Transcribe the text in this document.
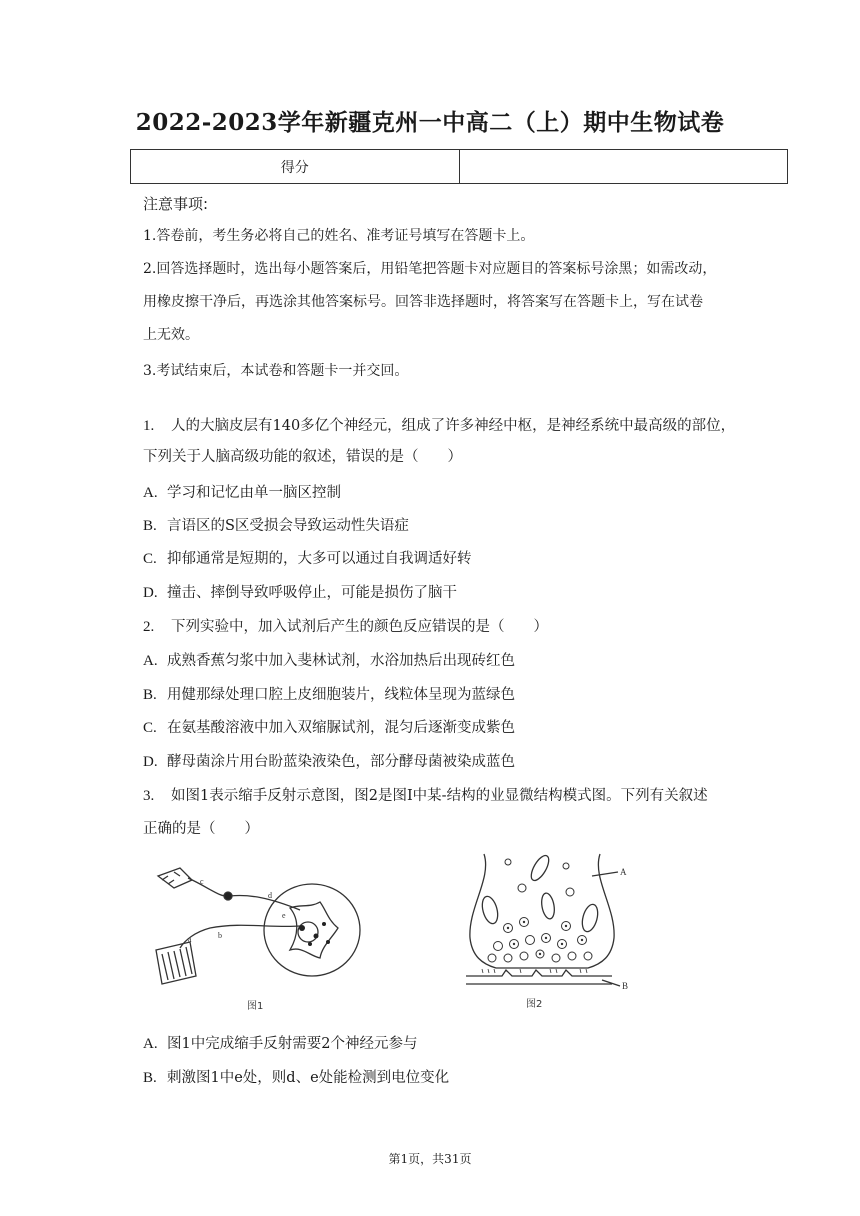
2022-2023学年新疆克州一中高二（上）期中生物试卷
得分	
注意事项:
1.答卷前，考生务必将自己的姓名、准考证号填写在答题卡上。
2.回答选择题时，选出每小题答案后，用铅笔把答题卡对应题目的答案标号涂黑；如需改动，
用橡皮擦干净后，再选涂其他答案标号。回答非选择题时，将答案写在答题卡上，写在试卷
上无效。
3.考试结束后，本试卷和答题卡一并交回。
1. 人的大脑皮层有140多亿个神经元，组成了许多神经中枢，是神经系统中最高级的部位，
下列关于人脑高级功能的叙述，错误的是（　　）
A. 学习和记忆由单一脑区控制
B. 言语区的S区受损会导致运动性失语症
C. 抑郁通常是短期的，大多可以通过自我调适好转
D. 撞击、摔倒导致呼吸停止，可能是损伤了脑干
2. 下列实验中，加入试剂后产生的颜色反应错误的是（　　）
A. 成熟香蕉匀浆中加入斐林试剂，水浴加热后出现砖红色
B. 用健那绿处理口腔上皮细胞装片，线粒体呈现为蓝绿色
C. 在氨基酸溶液中加入双缩脲试剂，混匀后逐渐变成紫色
D. 酵母菌涂片用台盼蓝染液染色，部分酵母菌被染成蓝色
3. 如图1表示缩手反射示意图，图2是图I中某-结构的业显微结构模式图。下列有关叙述
正确的是（　　）
c
a	b
d
e
图1
A
B
图2
A. 图1中完成缩手反射需要2个神经元参与
B. 刺激图1中e处，则d、e处能检测到电位变化
第1页，共31页
